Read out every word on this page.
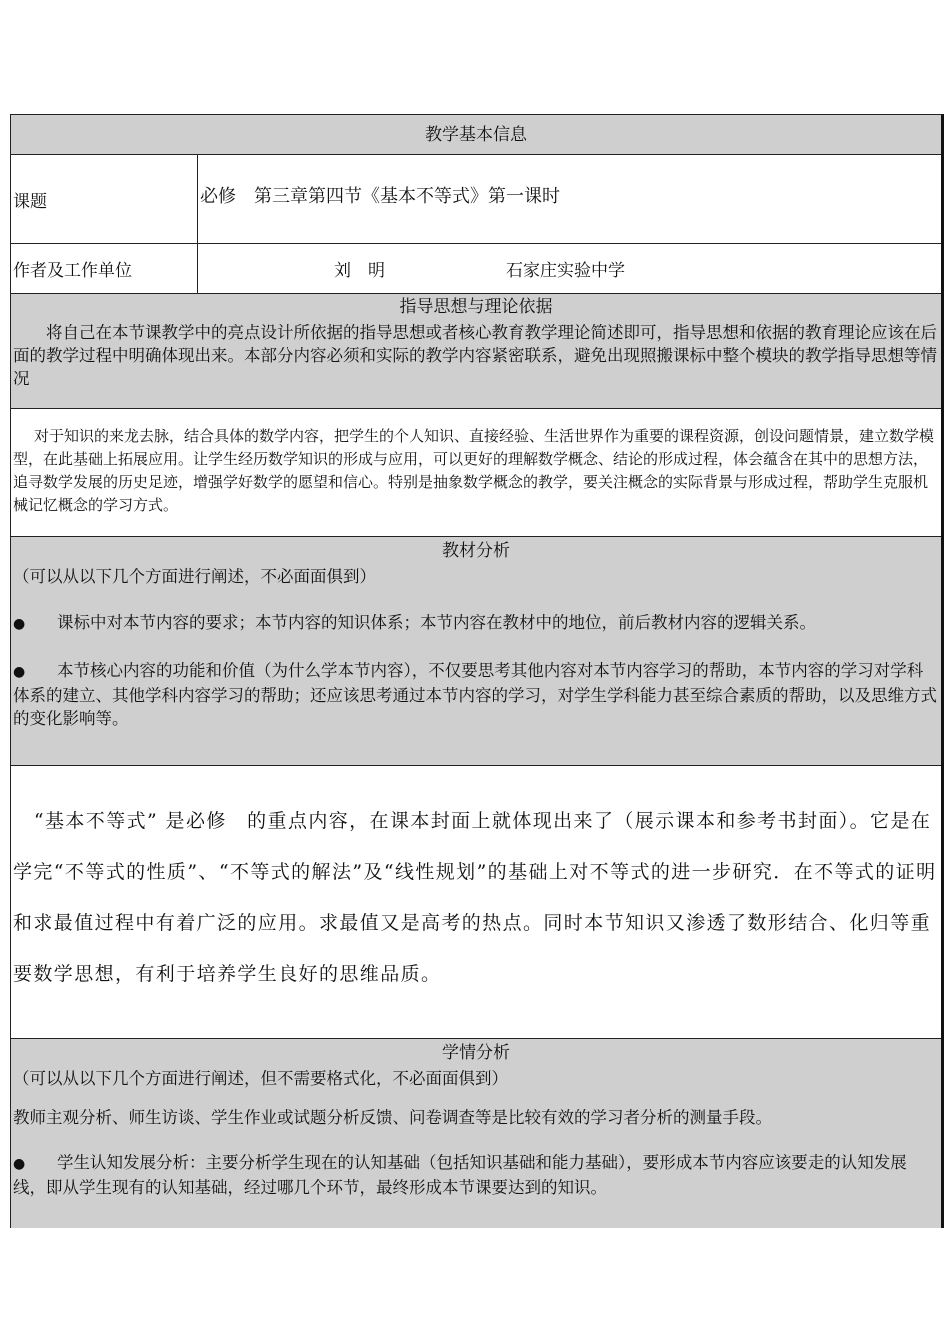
教学基本信息
课题	必修　第三章第四节《基本不等式》第一课时
作者及工作单位	刘　明	石家庄实验中学
指导思想与理论依据

将自己在本节课教学中的亮点设计所依据的指导思想或者核心教育教学理论简述即可，指导思想和依据的教育理论应该在后面的教学过程中明确体现出来。本部分内容必须和实际的教学内容紧密联系，避免出现照搬课标中整个模块的教学指导思想等情况

对于知识的来龙去脉，结合具体的数学内容，把学生的个人知识、直接经验、生活世界作为重要的课程资源，创设问题情景，建立数学模型，在此基础上拓展应用。让学生经历数学知识的形成与应用，可以更好的理解数学概念、结论的形成过程，体会蕴含在其中的思想方法，追寻数学发展的历史足迹，增强学好数学的愿望和信心。特别是抽象数学概念的教学，要关注概念的实际背景与形成过程，帮助学生克服机械记忆概念的学习方式。

教材分析

（可以从以下几个方面进行阐述，不必面面俱到）

●课标中对本节内容的要求；本节内容的知识体系；本节内容在教材中的地位，前后教材内容的逻辑关系。

●本节核心内容的功能和价值（为什么学本节内容），不仅要思考其他内容对本节内容学习的帮助，本节内容的学习对学科体系的建立、其他学科内容学习的帮助；还应该思考通过本节内容的学习，对学生学科能力甚至综合素质的帮助，以及思维方式的变化影响等。

“基本不等式” 是必修　的重点内容，在课本封面上就体现出来了（展示课本和参考书封面）。它是在学完“不等式的性质”、“不等式的解法”及“线性规划”的基础上对不等式的进一步研究．在不等式的证明和求最值过程中有着广泛的应用。求最值又是高考的热点。同时本节知识又渗透了数形结合、化归等重要数学思想，有利于培养学生良好的思维品质。

学情分析

（可以从以下几个方面进行阐述，但不需要格式化，不必面面俱到）

教师主观分析、师生访谈、学生作业或试题分析反馈、问卷调查等是比较有效的学习者分析的测量手段。

●学生认知发展分析：主要分析学生现在的认知基础（包括知识基础和能力基础），要形成本节内容应该要走的认知发展线，即从学生现有的认知基础，经过哪几个环节，最终形成本节课要达到的知识。
